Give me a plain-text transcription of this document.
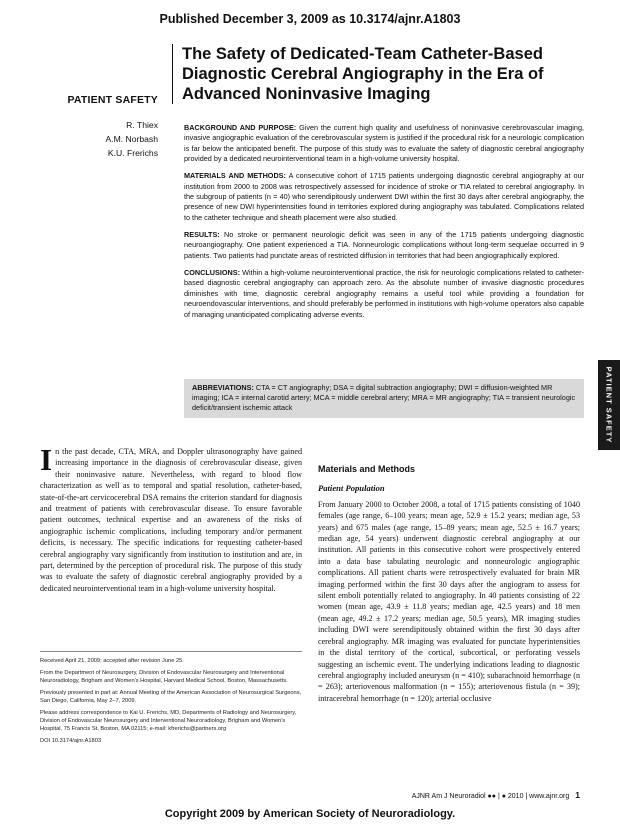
Published December 3, 2009 as 10.3174/ajnr.A1803
The Safety of Dedicated-Team Catheter-Based Diagnostic Cerebral Angiography in the Era of Advanced Noninvasive Imaging
PATIENT SAFETY
R. Thiex
A.M. Norbash
K.U. Frerichs

BACKGROUND AND PURPOSE: Given the current high quality and usefulness of noninvasive cerebrovascular imaging, invasive angiographic evaluation of the cerebrovascular system is justified if the procedural risk for a neurologic complication is far below the anticipated benefit. The purpose of this study was to evaluate the safety of diagnostic cerebral angiography provided by a dedicated neurointerventional team in a high-volume university hospital.

MATERIALS AND METHODS: A consecutive cohort of 1715 patients undergoing diagnostic cerebral angiography at our institution from 2000 to 2008 was retrospectively assessed for incidence of stroke or TIA related to cerebral angiography. In the subgroup of patients (n = 40) who serendipitously underwent DWI within the first 30 days after cerebral angiography, the presence of new DWI hyperintensities found in territories explored during angiography was tabulated. Complications related to the catheter technique and sheath placement were also studied.

RESULTS: No stroke or permanent neurologic deficit was seen in any of the 1715 patients undergoing diagnostic neuroangiography. One patient experienced a TIA. Nonneurologic complications without long-term sequelae occurred in 9 patients. Two patients had punctate areas of restricted diffusion in territories that had been angiographically explored.

CONCLUSIONS: Within a high-volume neurointerventional practice, the risk for neurologic complications related to catheter-based diagnostic cerebral angiography can approach zero. As the absolute number of invasive diagnostic procedures diminishes with time, diagnostic cerebral angiography remains a useful tool while providing a foundation for neuroendovascular interventions, and should preferably be performed in institutions with high-volume operators also capable of managing unanticipated complicating adverse events.

ABBREVIATIONS: CTA = CT angiography; DSA = digital subtraction angiography; DWI = diffusion-weighted MR imaging; ICA = internal carotid artery; MCA = middle cerebral artery; MRA = MR angiography; TIA = transient neurologic deficit/transient ischemic attack	PATIENT SAFETY
In the past decade, CTA, MRA, and Doppler ultrasonography have gained increasing importance in the diagnosis of cerebrovascular disease, given their noninvasive nature. Nevertheless, with regard to blood flow characterization as well as to temporal and spatial resolution, catheter-based, state-of-the-art cervicocerebral DSA remains the criterion standard for diagnosis and treatment of patients with cerebrovascular disease. To ensure favorable patient outcomes, technical expertise and an awareness of the risks of angiographic ischemic complications, including temporary and/or permanent deficits, is necessary. The specific indications for requesting catheter-based cerebral angiography vary significantly from institution to institution and are, in part, determined by the perception of procedural risk. The purpose of this study was to evaluate the safety of diagnostic cerebral angiography provided by a dedicated neurointerventional team in a high-volume university hospital.

Received April 21, 2009; accepted after revision June 25.

From the Department of Neurosurgery, Division of Endovascular Neurosurgery and Interventional Neuroradiology, Brigham and Women's Hospital, Harvard Medical School, Boston, Massachusetts.

Previously presented in part at: Annual Meeting of the American Association of Neurosurgical Surgeons, San Diego, California, May 2–7, 2009.

Please address correspondence to Kai U. Frerichs, MD, Departments of Radiology and Neurosurgery, Division of Endovascular Neurosurgery and Interventional Neuroradiology, Brigham and Women's Hospital, 75 Francis St, Boston, MA 02115; e-mail: kfrerichs@partners.org

DOI 10.3174/ajnr.A1803

Materials and Methods
Patient Population

From January 2000 to October 2008, a total of 1715 patients consisting of 1040 females (age range, 6–100 years; mean age, 52.9 ± 15.2 years; median age, 53 years) and 675 males (age range, 15–89 years; mean age, 52.5 ± 16.7 years; median age, 54 years) underwent diagnostic cerebral angiography at our institution. All patients in this consecutive cohort were prospectively entered into a data base tabulating neurologic and nonneurologic angiographic complications. All patient charts were retrospectively evaluated for brain MR imaging performed within the first 30 days after the angiogram to assess for silent emboli potentially related to angiography. In 40 patients consisting of 22 women (mean age, 43.9 ± 11.8 years; median age, 42.5 years) and 18 men (mean age, 49.2 ± 17.2 years; median age, 50.5 years), MR imaging studies including DWI were serendipitously obtained within the first 30 days after cerebral angiography. MR imaging was evaluated for punctate hyperintensities in the distal territory of the cortical, subcortical, or perforating vessels suggesting an ischemic event. The underlying indications leading to diagnostic cerebral angiography included aneurysm (n = 410); subarachnoid hemorrhage (n = 263); arteriovenous malformation (n = 155); arteriovenous fistula (n = 39); intracerebral hemorrhage (n = 120); arterial occlusive

AJNR Am J Neuroradiol ●● | ● 2010 | www.ajnr.org 1
Copyright 2009 by American Society of Neuroradiology.
